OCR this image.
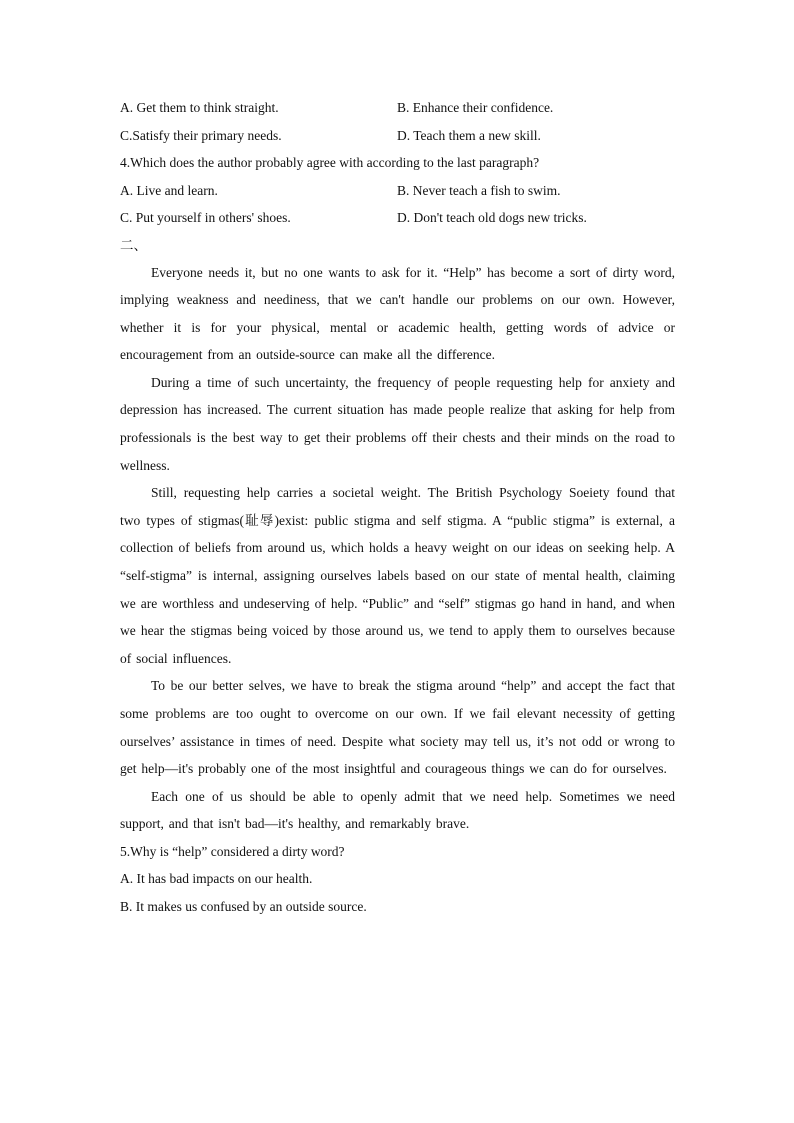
A. Get them to think straight.	B. Enhance their confidence.
C.Satisfy their primary needs.	D. Teach them a new skill.
4.Which does the author probably agree with according to the last paragraph?
A. Live and learn.	B. Never teach a fish to swim.
C. Put yourself in others' shoes.	D. Don't teach old dogs new tricks.
二、

Everyone needs it, but no one wants to ask for it. “Help” has become a sort of dirty word, implying weakness and neediness, that we can't handle our problems on our own. However, whether it is for your physical, mental or academic health, getting words of advice or encouragement from an outside-source can make all the difference.

During a time of such uncertainty, the frequency of people requesting help for anxiety and depression has increased. The current situation has made people realize that asking for help from professionals is the best way to get their problems off their chests and their minds on the road to wellness.

Still, requesting help carries a societal weight. The British Psychology Soeiety found that two types of stigmas(耻辱)exist: public stigma and self stigma. A “public stigma” is external, a collection of beliefs from around us, which holds a heavy weight on our ideas on seeking help. A “self-stigma” is internal, assigning ourselves labels based on our state of mental health, claiming we are worthless and undeserving of help. “Public” and “self” stigmas go hand in hand, and when we hear the stigmas being voiced by those around us, we tend to apply them to ourselves because of social influences.

To be our better selves, we have to break the stigma around “help” and accept the fact that some problems are too ought to overcome on our own. If we fail elevant necessity of getting ourselves’ assistance in times of need. Despite what society may tell us, it’s not odd or wrong to get help—it's probably one of the most insightful and courageous things we can do for ourselves.

Each one of us should be able to openly admit that we need help. Sometimes we need support, and that isn't bad—it's healthy, and remarkably brave.

5.Why is “help” considered a dirty word?
A. It has bad impacts on our health.
B. It makes us confused by an outside source.
